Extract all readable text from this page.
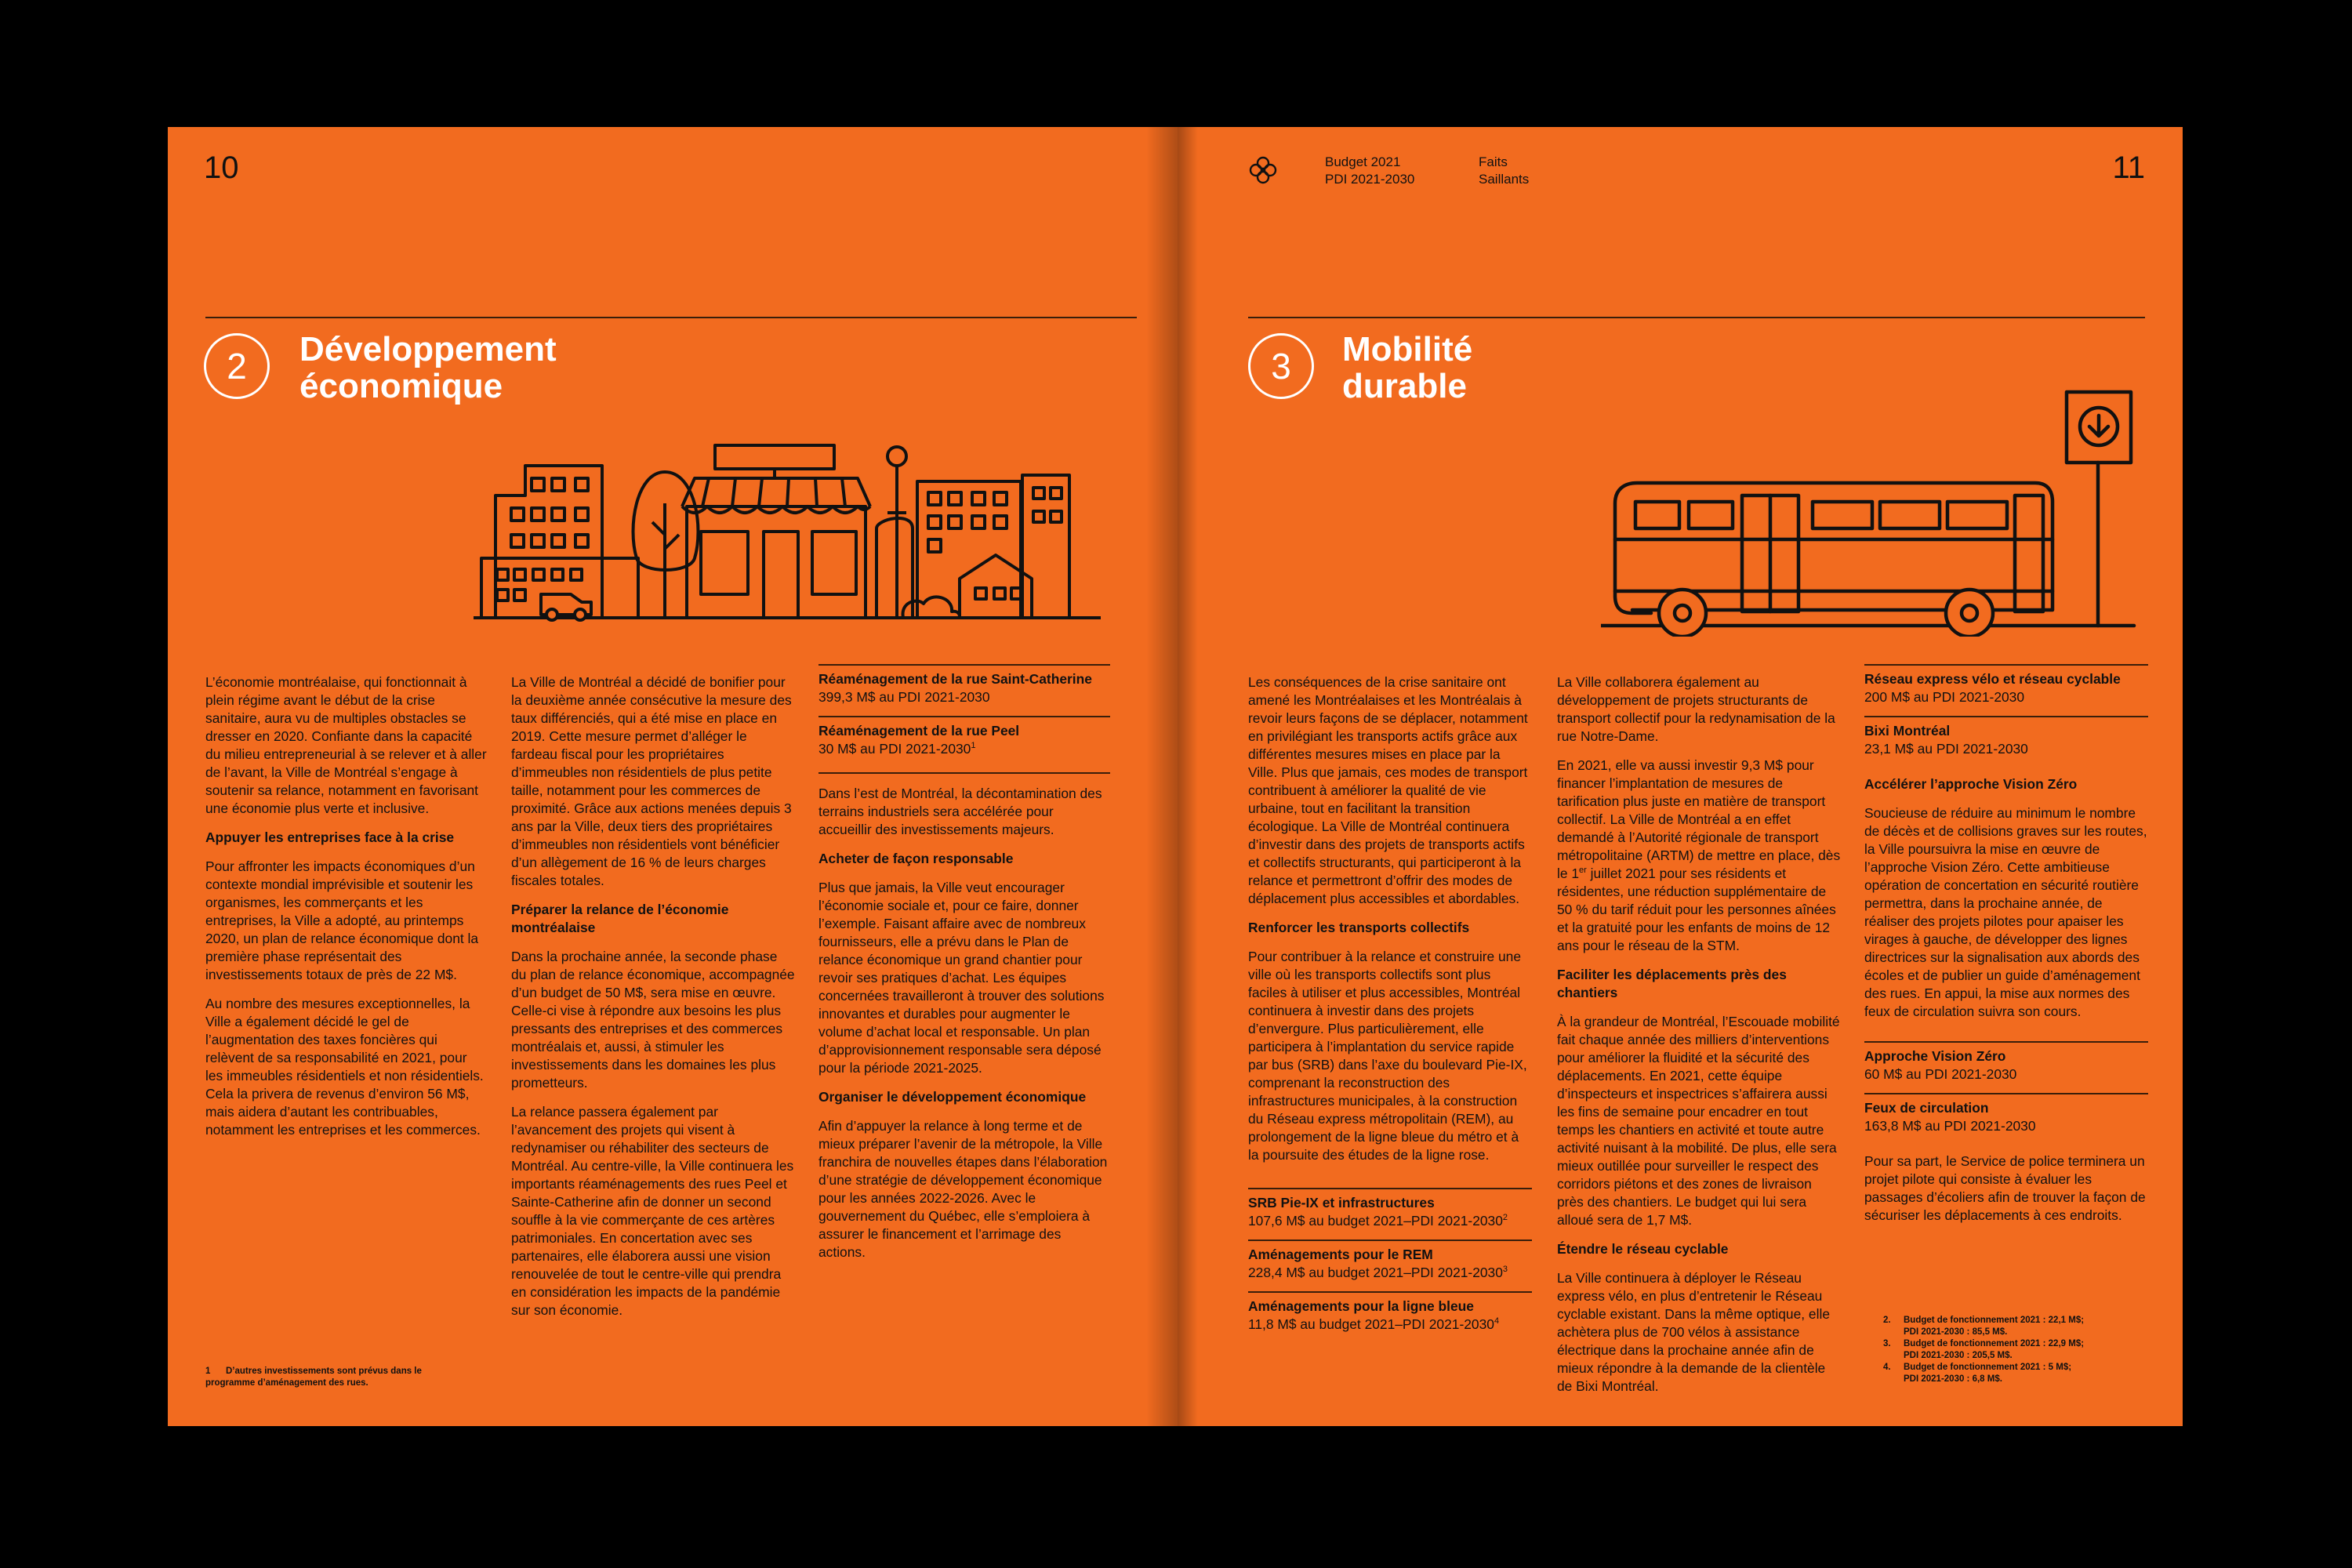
10
2	Développement
économique

L’économie montréalaise, qui fonctionnait à plein régime avant le début de la crise sanitaire, aura vu de multiples obstacles se dresser en 2020. Confiante dans la capacité du milieu entrepreneurial à se relever et à aller de l’avant, la Ville de Montréal s’engage à soutenir sa relance, notamment en favorisant une économie plus verte et inclusive.

Appuyer les entreprises face à la crise

Pour affronter les impacts économiques d’un contexte mondial imprévisible et soutenir les organismes, les commerçants et les entreprises, la Ville a adopté, au printemps 2020, un plan de relance économique dont la première phase représentait des investissements totaux de près de 22 M$.

Au nombre des mesures exceptionnelles, la Ville a également décidé le gel de l’augmentation des taxes foncières qui relèvent de sa responsabilité en 2021, pour les immeubles résidentiels et non résidentiels. Cela la privera de revenus d’environ 56 M$, mais aidera d’autant les contribuables, notamment les entreprises et les commerces.

La Ville de Montréal a décidé de bonifier pour la deuxième année consécutive la mesure des taux différenciés, qui a été mise en place en 2019. Cette mesure permet d’alléger le fardeau fiscal pour les propriétaires d’immeubles non résidentiels de plus petite taille, notamment pour les commerces de proximité. Grâce aux actions menées depuis 3 ans par la Ville, deux tiers des propriétaires d’immeubles non résidentiels vont bénéficier d’un allègement de 16 % de leurs charges fiscales totales.

Préparer la relance de l’économie montréalaise

Dans la prochaine année, la seconde phase du plan de relance économique, accompagnée d’un budget de 50 M$, sera mise en œuvre. Celle-ci vise à répondre aux besoins les plus pressants des entreprises et des commerces montréalais et, aussi, à stimuler les investissements dans les domaines les plus prometteurs.

La relance passera également par l’avancement des projets qui visent à redynamiser ou réhabiliter des secteurs de Montréal. Au centre-ville, la Ville continuera les importants réaménagements des rues Peel et Sainte-Catherine afin de donner un second souffle à la vie commerçante de ces artères patrimoniales. En concertation avec ses partenaires, elle élaborera aussi une vision renouvelée de tout le centre-ville qui prendra en considération les impacts de la pandémie sur son économie.

Réaménagement de la rue Saint-Catherine
399,3 M$ au PDI 2021-2030
Réaménagement de la rue Peel
30 M$ au PDI 2021-2030$^1$

Dans l’est de Montréal, la décontamination des terrains industriels sera accélérée pour accueillir des investissements majeurs.

Acheter de façon responsable

Plus que jamais, la Ville veut encourager l’économie sociale et, pour ce faire, donner l’exemple. Faisant affaire avec de nombreux fournisseurs, elle a prévu dans le Plan de relance économique un grand chantier pour revoir ses pratiques d’achat. Les équipes concernées travailleront à trouver des solutions innovantes et durables pour augmenter le volume d’achat local et responsable. Un plan d’approvisionnement responsable sera déposé pour la période 2021-2025.

Organiser le développement économique

Afin d’appuyer la relance à long terme et de mieux préparer l’avenir de la métropole, la Ville franchira de nouvelles étapes dans l’élaboration d’une stratégie de développement économique pour les années 2022-2026. Avec le gouvernement du Québec, elle s’emploiera à assurer le financement et l’arrimage des actions.

1 D’autres investissements sont prévus dans le programme d’aménagement des rues.
Budget 2021
PDI 2021-2030
Faits
Saillants	11
3	Mobilité
durable

Les conséquences de la crise sanitaire ont amené les Montréalaises et les Montréalais à revoir leurs façons de se déplacer, notamment en privilégiant les transports actifs grâce aux différentes mesures mises en place par la Ville. Plus que jamais, ces modes de transport contribuent à améliorer la qualité de vie urbaine, tout en facilitant la transition écologique. La Ville de Montréal continuera d’investir dans des projets de transports actifs et collectifs structurants, qui participeront à la relance et permettront d’offrir des modes de déplacement plus accessibles et abordables.

Renforcer les transports collectifs

Pour contribuer à la relance et construire une ville où les transports collectifs sont plus faciles à utiliser et plus accessibles, Montréal continuera à investir dans des projets d’envergure. Plus particulièrement, elle participera à l’implantation du service rapide par bus (SRB) dans l’axe du boulevard Pie-IX, comprenant la reconstruction des infrastructures municipales, à la construction du Réseau express métropolitain (REM), au prolongement de la ligne bleue du métro et à la poursuite des études de la ligne rose.

SRB Pie-IX et infrastructures
107,6 M$ au budget 2021–PDI 2021-2030$^2$
Aménagements pour le REM
228,4 M$ au budget 2021–PDI 2021-2030$^3$
Aménagements pour la ligne bleue
11,8 M$ au budget 2021–PDI 2021-2030$^4$

La Ville collaborera également au développement de projets structurants de transport collectif pour la redynamisation de la rue Notre-Dame.

En 2021, elle va aussi investir 9,3 M$ pour financer l’implantation de mesures de tarification plus juste en matière de transport collectif. La Ville de Montréal a en effet demandé à l’Autorité régionale de transport métropolitaine (ARTM) de mettre en place, dès le 1er juillet 2021 pour ses résidents et résidentes, une réduction supplémentaire de 50 % du tarif réduit pour les personnes aînées et la gratuité pour les enfants de moins de 12 ans pour le réseau de la STM.

Faciliter les déplacements près des chantiers

À la grandeur de Montréal, l’Escouade mobilité fait chaque année des milliers d’interventions pour améliorer la fluidité et la sécurité des déplacements. En 2021, cette équipe d’inspecteurs et inspectrices s’affairera aussi les fins de semaine pour encadrer en tout temps les chantiers en activité et toute autre activité nuisant à la mobilité. De plus, elle sera mieux outillée pour surveiller le respect des corridors piétons et des zones de livraison près des chantiers. Le budget qui lui sera alloué sera de 1,7 M$.

Étendre le réseau cyclable

La Ville continuera à déployer le Réseau express vélo, en plus d’entretenir le Réseau cyclable existant. Dans la même optique, elle achètera plus de 700 vélos à assistance électrique dans la prochaine année afin de mieux répondre à la demande de la clientèle de Bixi Montréal.

Réseau express vélo et réseau cyclable
200 M$ au PDI 2021-2030
Bixi Montréal
23,1 M$ au PDI 2021-2030

Accélérer l’approche Vision Zéro

Soucieuse de réduire au minimum le nombre de décès et de collisions graves sur les routes, la Ville poursuivra la mise en œuvre de l’approche Vision Zéro. Cette ambitieuse opération de concertation en sécurité routière permettra, dans la prochaine année, de réaliser des projets pilotes pour apaiser les virages à gauche, de développer des lignes directrices sur la signalisation aux abords des écoles et de publier un guide d’aménagement des rues. En appui, la mise aux normes des feux de circulation suivra son cours.

Approche Vision Zéro
60 M$ au PDI 2021-2030
Feux de circulation
163,8 M$ au PDI 2021-2030

Pour sa part, le Service de police terminera un projet pilote qui consiste à évaluer les passages d’écoliers afin de trouver la façon de sécuriser les déplacements à ces endroits.

2. Budget de fonctionnement 2021 : 22,1 M$;
PDI 2021-2030 : 85,5 M$.
3. Budget de fonctionnement 2021 : 22,9 M$;
PDI 2021-2030 : 205,5 M$.
4. Budget de fonctionnement 2021 : 5 M$;
PDI 2021-2030 : 6,8 M$.
